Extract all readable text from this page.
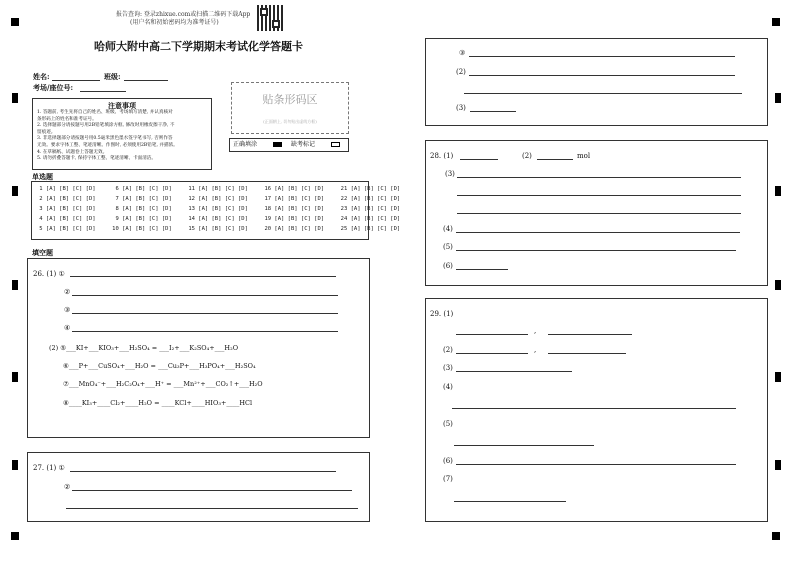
报告查询: 登录zhixue.com或扫描二维码下载App
(用户名和初始密码均为准考证号)
哈师大附中高二下学期期末考试化学答题卡
姓名:	班级:
考场/座位号:
注意事项
1. 答题前, 考生先将自己的姓名、班级、考场填写清楚, 并认真核对
条形码上的姓名和准考证号。
2. 选择题部分请按题号用2B铅笔填涂方框, 修改时用橡皮擦干净, 不
留痕迹。
3. 非选择题部分请按题号用0.5毫米黑色墨水签字笔书写, 否则作答
无效。要求字体工整、笔迹清晰。作图时, 必须使用2B铅笔, 并描浓。
4. 在草稿纸、试题卷上答题无效。
5. 请勿折叠答题卡, 保持字体工整、笔迹清晰、卡面清洁。
贴条形码区
(正面朝上, 切勿贴出虚线方框)
正确填涂	缺考标记
单选题
1 [A] [B] [C] [D]      6 [A] [B] [C] [D]     11 [A] [B] [C] [D]     16 [A] [B] [C] [D]     21 [A] [B] [C] [D]
2 [A] [B] [C] [D]      7 [A] [B] [C] [D]     12 [A] [B] [C] [D]     17 [A] [B] [C] [D]     22 [A] [B] [C] [D]
3 [A] [B] [C] [D]      8 [A] [B] [C] [D]     13 [A] [B] [C] [D]     18 [A] [B] [C] [D]     23 [A] [B] [C] [D]
4 [A] [B] [C] [D]      9 [A] [B] [C] [D]     14 [A] [B] [C] [D]     19 [A] [B] [C] [D]     24 [A] [B] [C] [D]
5 [A] [B] [C] [D]     10 [A] [B] [C] [D]     15 [A] [B] [C] [D]     20 [A] [B] [C] [D]     25 [A] [B] [C] [D]
填空题
26. (1) ①
②
③
④
(2) ⑤___KI+___KIO₃+___H₂SO₄ = ___I₂+___K₂SO₄+___H₂O
⑥___P+___CuSO₄+___H₂O = ___Cu₃P+___H₃PO₄+___H₂SO₄
⑦___MnO₄⁻+___H₂C₂O₄+___H⁺ = ___Mn²⁺+___CO₂↑+___H₂O
⑧____KI₃+____Cl₂+____H₂O = ____KCl+____HIO₃+____HCl
27. (1) ①
②
③
(2)
(3)
28. (1)	(2)	mol
(3)
(4)
(5)
(6)
29. (1)
,
(2)	,
(3)
(4)
(5)
(6)
(7)
